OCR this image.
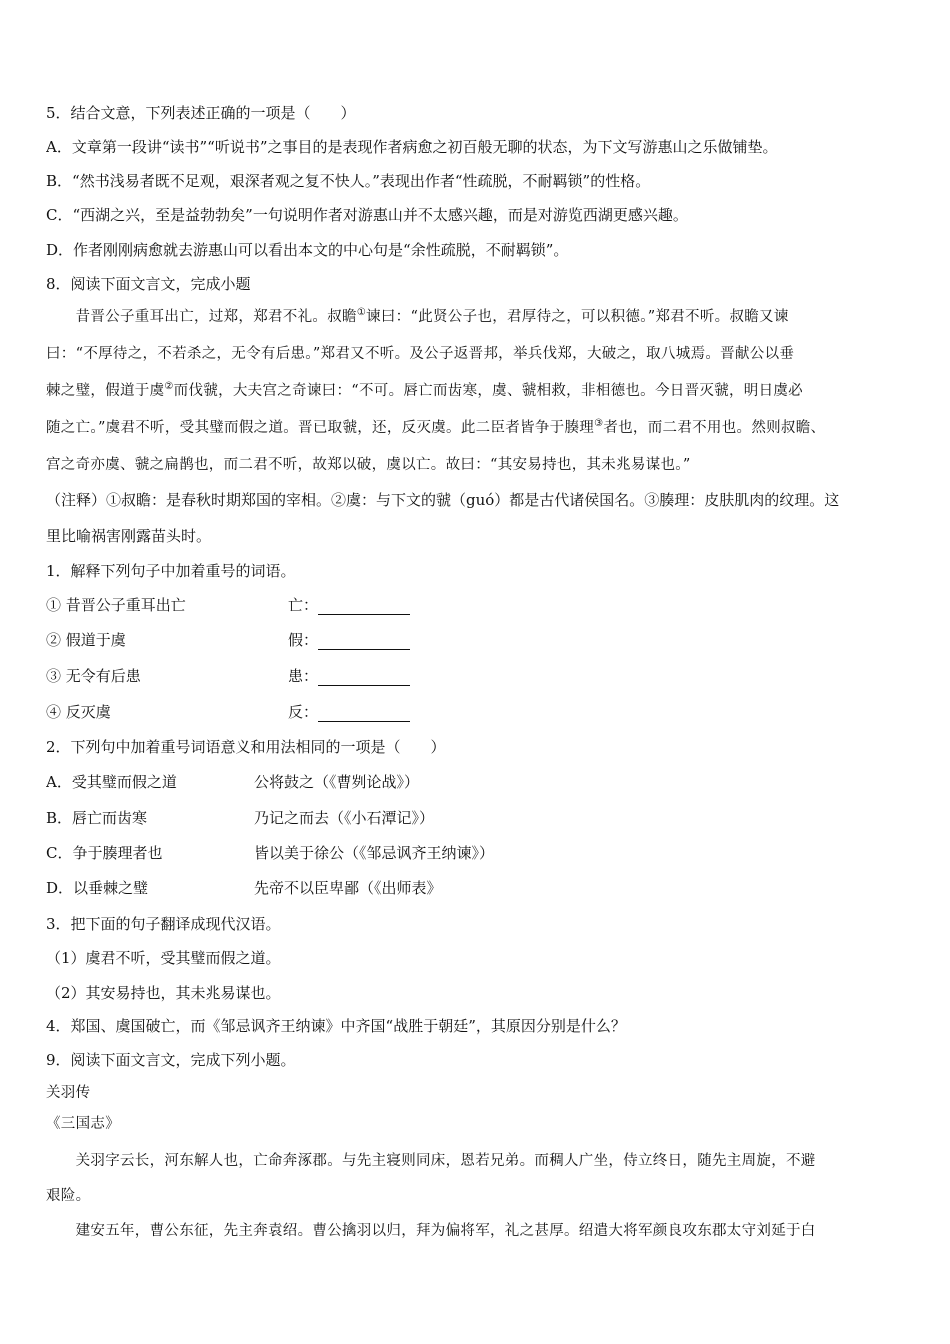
5．结合文意，下列表述正确的一项是（　　）
A．文章第一段讲“读书”“听说书”之事目的是表现作者病愈之初百般无聊的状态，为下文写游惠山之乐做铺垫。
B．“然书浅易者既不足观，艰深者观之复不快人。”表现出作者“性疏脱，不耐羁锁”的性格。
C．“西湖之兴，至是益勃勃矣”一句说明作者对游惠山并不太感兴趣，而是对游览西湖更感兴趣。
D．作者刚刚病愈就去游惠山可以看出本文的中心句是“余性疏脱，不耐羁锁”。
8．阅读下面文言文，完成小题
　　昔晋公子重耳出亡，过郑，郑君不礼。叔瞻①谏曰：“此贤公子也，君厚待之，可以积德。”郑君不听。叔瞻又谏
曰：“不厚待之，不若杀之，无令有后患。”郑君又不听。及公子返晋邦，举兵伐郑，大破之，取八城焉。晋献公以垂
棘之璧，假道于虞②而伐虢，大夫宫之奇谏曰：“不可。唇亡而齿寒，虞、虢相救，非相德也。今日晋灭虢，明日虞必
随之亡。”虞君不听，受其璧而假之道。晋已取虢，还，反灭虞。此二臣者皆争于腠理③者也，而二君不用也。然则叔瞻、
宫之奇亦虞、虢之扁鹊也，而二君不听，故郑以破，虞以亡。故曰：“其安易持也，其未兆易谋也。”
（注释）①叔瞻：是春秋时期郑国的宰相。②虞：与下文的虢（guó）都是古代诸侯国名。③腠理：皮肤肌肉的纹理。这
里比喻祸害刚露苗头时。
1．解释下列句子中加着重号的词语。
① 昔晋公子重耳出亡	亡：
② 假道于虞	假：
③ 无令有后患	患：
④ 反灭虞	反：
2．下列句中加着重号词语意义和用法相同的一项是（　　）
A．受其璧而假之道	公将鼓之（《曹刿论战》）
B．唇亡而齿寒	乃记之而去（《小石潭记》）
C．争于腠理者也	皆以美于徐公（《邹忌讽齐王纳谏》）
D．以垂棘之璧	先帝不以臣卑鄙（《出师表》
3．把下面的句子翻译成现代汉语。
（1）虞君不听，受其璧而假之道。
（2）其安易持也，其未兆易谋也。
4．郑国、虞国破亡，而《邹忌讽齐王纳谏》中齐国“战胜于朝廷”，其原因分别是什么？
9．阅读下面文言文，完成下列小题。
关羽传
《三国志》
　　关羽字云长，河东解人也，亡命奔涿郡。与先主寝则同床，恩若兄弟。而稠人广坐，侍立终日，随先主周旋，不避
艰险。
　　建安五年，曹公东征，先主奔袁绍。曹公擒羽以归，拜为偏将军，礼之甚厚。绍遣大将军颜良攻东郡太守刘延于白
